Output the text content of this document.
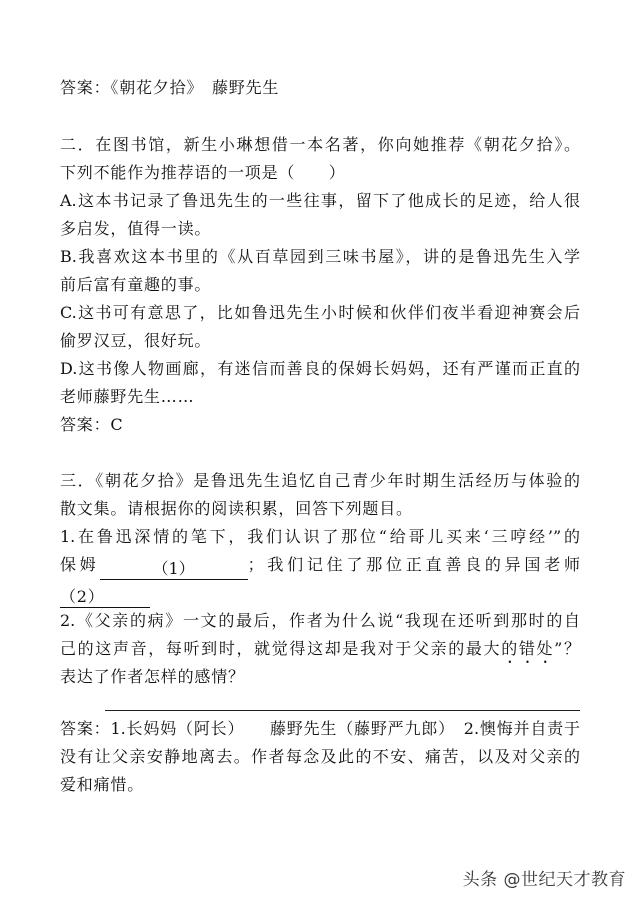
答案：《朝花夕拾》　藤野先生
二．在图书馆，新生小琳想借一本名著，你向她推荐《朝花夕拾》。
下列不能作为推荐语的一项是（　　）
A.这本书记录了鲁迅先生的一些往事，留下了他成长的足迹，给人很
多启发，值得一读。
B.我喜欢这本书里的《从百草园到三味书屋》，讲的是鲁迅先生入学
前后富有童趣的事。
C.这书可有意思了，比如鲁迅先生小时候和伙伴们夜半看迎神赛会后
偷罗汉豆，很好玩。
D.这书像人物画廊，有迷信而善良的保姆长妈妈，还有严谨而正直的
老师藤野先生……
答案：C
三．《朝花夕拾》是鲁迅先生追忆自己青少年时期生活经历与体验的
散文集。请根据你的阅读积累，回答下列题目。
1.在鲁迅深情的笔下，我们认识了那位“给哥儿买来‘三哼经’”的
保姆	（1）	；我们记住了那位正直善良的异国老师
（2）
2.《父亲的病》一文的最后，作者为什么说“我现在还听到那时的自
己的这声音，每听到时，就觉得这却是我对于父亲的最大的错处”？
表达了作者怎样的感情？
答案：1.长妈妈（阿长）　　藤野先生（藤野严九郎）　2.懊悔并自责于
没有让父亲安静地离去。作者每念及此的不安、痛苦，以及对父亲的
爱和痛惜。
头条 @世纪天才教育
